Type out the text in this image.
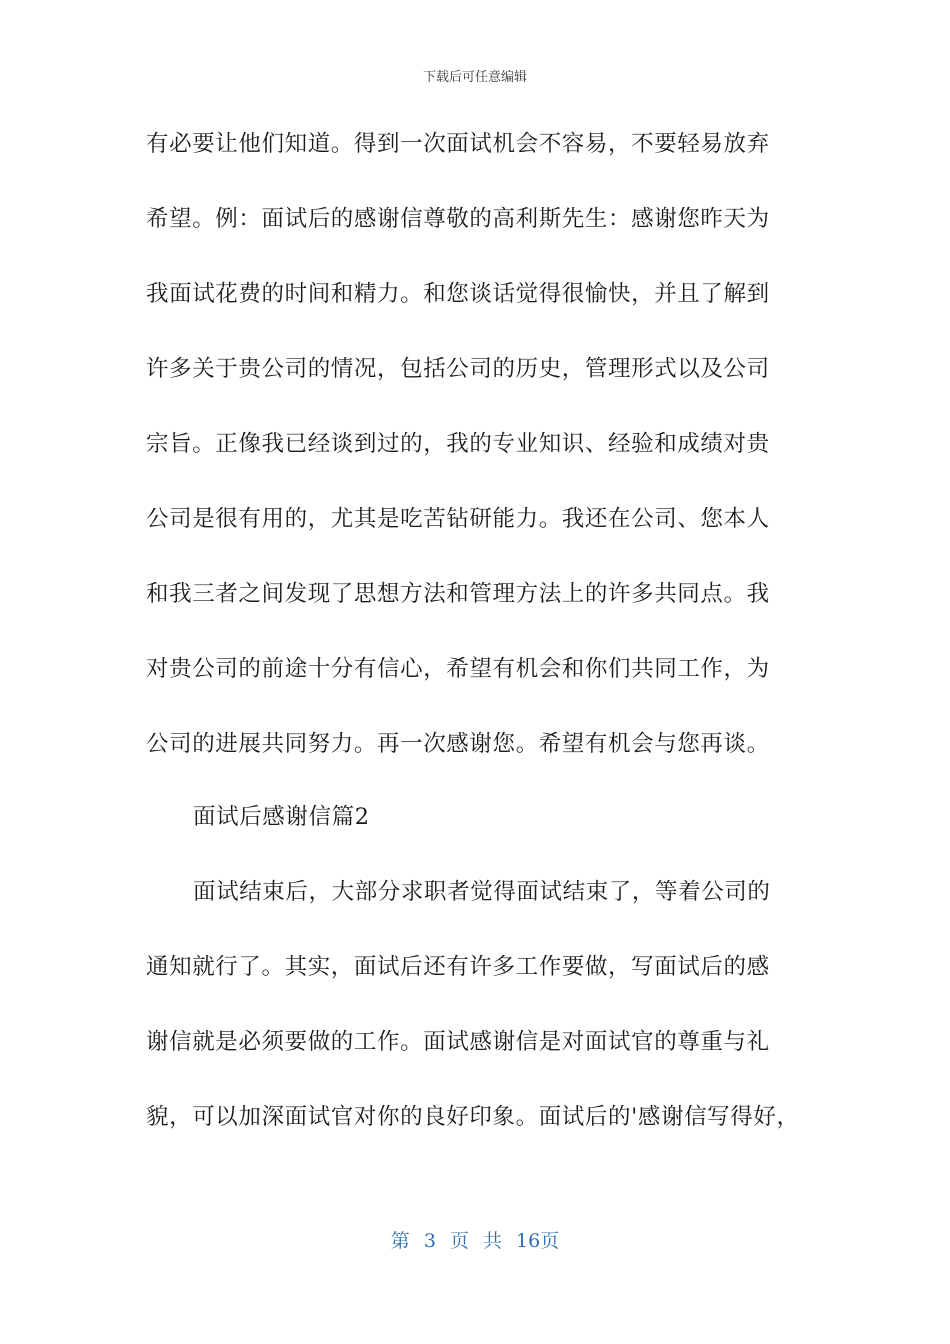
下载后可任意编辑
有必要让他们知道。得到一次面试机会不容易，不要轻易放弃
希望。例：面试后的感谢信尊敬的高利斯先生：感谢您昨天为
我面试花费的时间和精力。和您谈话觉得很愉快，并且了解到
许多关于贵公司的情况，包括公司的历史，管理形式以及公司
宗旨。正像我已经谈到过的，我的专业知识、经验和成绩对贵
公司是很有用的，尤其是吃苦钻研能力。我还在公司、您本人
和我三者之间发现了思想方法和管理方法上的许多共同点。我
对贵公司的前途十分有信心，希望有机会和你们共同工作，为
公司的进展共同努力。再一次感谢您。希望有机会与您再谈。
面试后感谢信篇2
面试结束后，大部分求职者觉得面试结束了，等着公司的
通知就行了。其实，面试后还有许多工作要做，写面试后的感
谢信就是必须要做的工作。面试感谢信是对面试官的尊重与礼
貌，可以加深面试官对你的良好印象。面试后的'感谢信写得好，
第 3 页 共 16页
